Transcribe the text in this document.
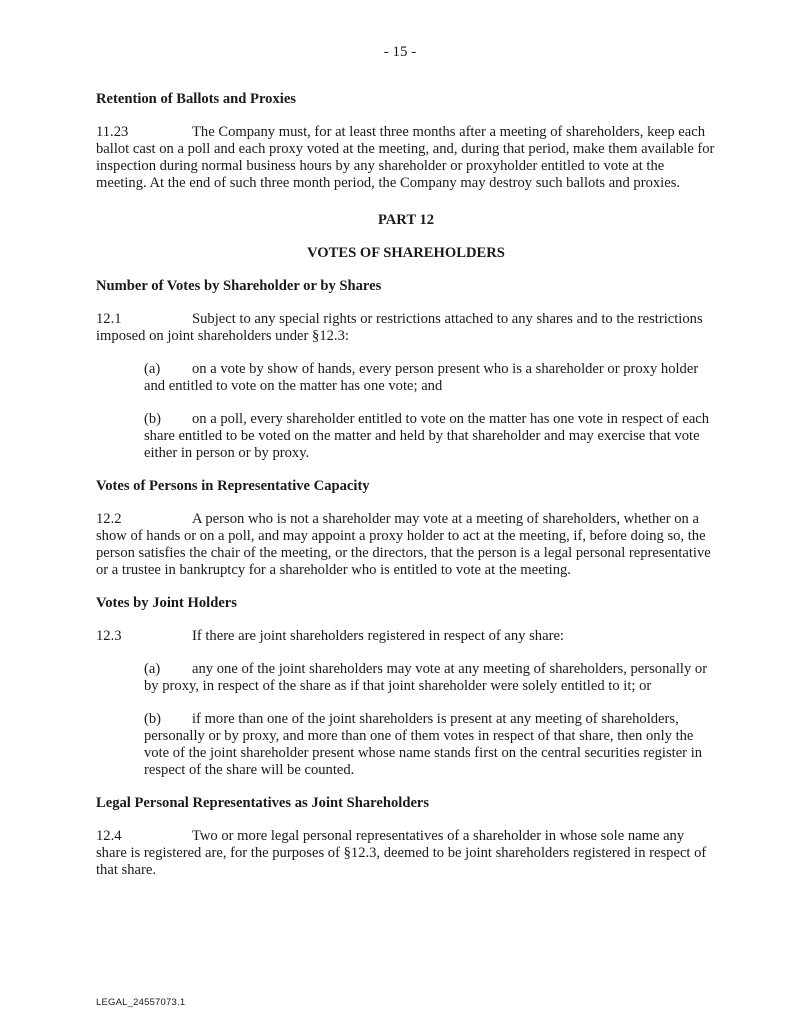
- 15 -
Retention of Ballots and Proxies
11.23	The Company must, for at least three months after a meeting of shareholders, keep each ballot cast on a poll and each proxy voted at the meeting, and, during that period, make them available for inspection during normal business hours by any shareholder or proxyholder entitled to vote at the meeting. At the end of such three month period, the Company may destroy such ballots and proxies.
PART 12
VOTES OF SHAREHOLDERS
Number of Votes by Shareholder or by Shares
12.1	Subject to any special rights or restrictions attached to any shares and to the restrictions imposed on joint shareholders under §12.3:
(a) on a vote by show of hands, every person present who is a shareholder or proxy holder and entitled to vote on the matter has one vote; and
(b) on a poll, every shareholder entitled to vote on the matter has one vote in respect of each share entitled to be voted on the matter and held by that shareholder and may exercise that vote either in person or by proxy.
Votes of Persons in Representative Capacity
12.2	A person who is not a shareholder may vote at a meeting of shareholders, whether on a show of hands or on a poll, and may appoint a proxy holder to act at the meeting, if, before doing so, the person satisfies the chair of the meeting, or the directors, that the person is a legal personal representative or a trustee in bankruptcy for a shareholder who is entitled to vote at the meeting.
Votes by Joint Holders
12.3	If there are joint shareholders registered in respect of any share:
(a) any one of the joint shareholders may vote at any meeting of shareholders, personally or by proxy, in respect of the share as if that joint shareholder were solely entitled to it; or
(b) if more than one of the joint shareholders is present at any meeting of shareholders, personally or by proxy, and more than one of them votes in respect of that share, then only the vote of the joint shareholder present whose name stands first on the central securities register in respect of the share will be counted.
Legal Personal Representatives as Joint Shareholders
12.4	Two or more legal personal representatives of a shareholder in whose sole name any share is registered are, for the purposes of §12.3, deemed to be joint shareholders registered in respect of that share.
LEGAL_24557073.1
